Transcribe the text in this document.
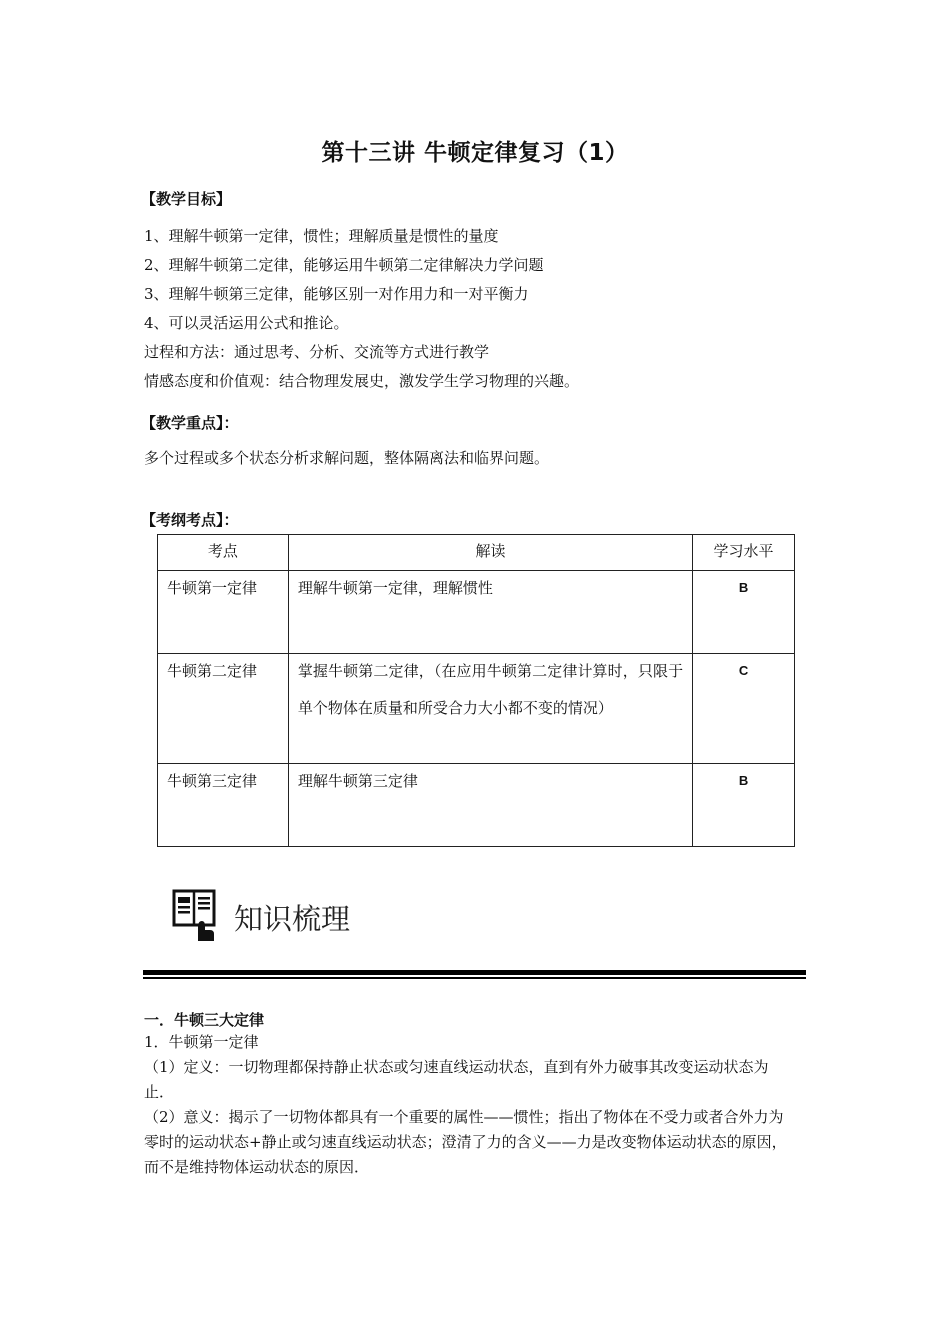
第十三讲 牛顿定律复习（1）
【教学目标】
1、理解牛顿第一定律，惯性；理解质量是惯性的量度
2、理解牛顿第二定律，能够运用牛顿第二定律解决力学问题
3、理解牛顿第三定律，能够区别一对作用力和一对平衡力
4、可以灵活运用公式和推论。
过程和方法：通过思考、分析、交流等方式进行教学
情感态度和价值观：结合物理发展史，激发学生学习物理的兴趣。
【教学重点】：
多个过程或多个状态分析求解问题，整体隔离法和临界问题。
【考纲考点】：
考点	解读	学习水平
牛顿第一定律	理解牛顿第一定律，理解惯性	B
牛顿第二定律	掌握牛顿第二定律，（在应用牛顿第二定律计算时，只限于单个物体在质量和所受合力大小都不变的情况）	C
牛顿第三定律	理解牛顿第三定律	B
知识梳理
一．牛顿三大定律
1．牛顿第一定律
（1）定义：一切物理都保持静止状态或匀速直线运动状态，直到有外力破事其改变运动状态为止．
（2）意义：揭示了一切物体都具有一个重要的属性——惯性；指出了物体在不受力或者合外力为零时的运动状态+静止或匀速直线运动状态；澄清了力的含义——力是改变物体运动状态的原因，而不是维持物体运动状态的原因．
